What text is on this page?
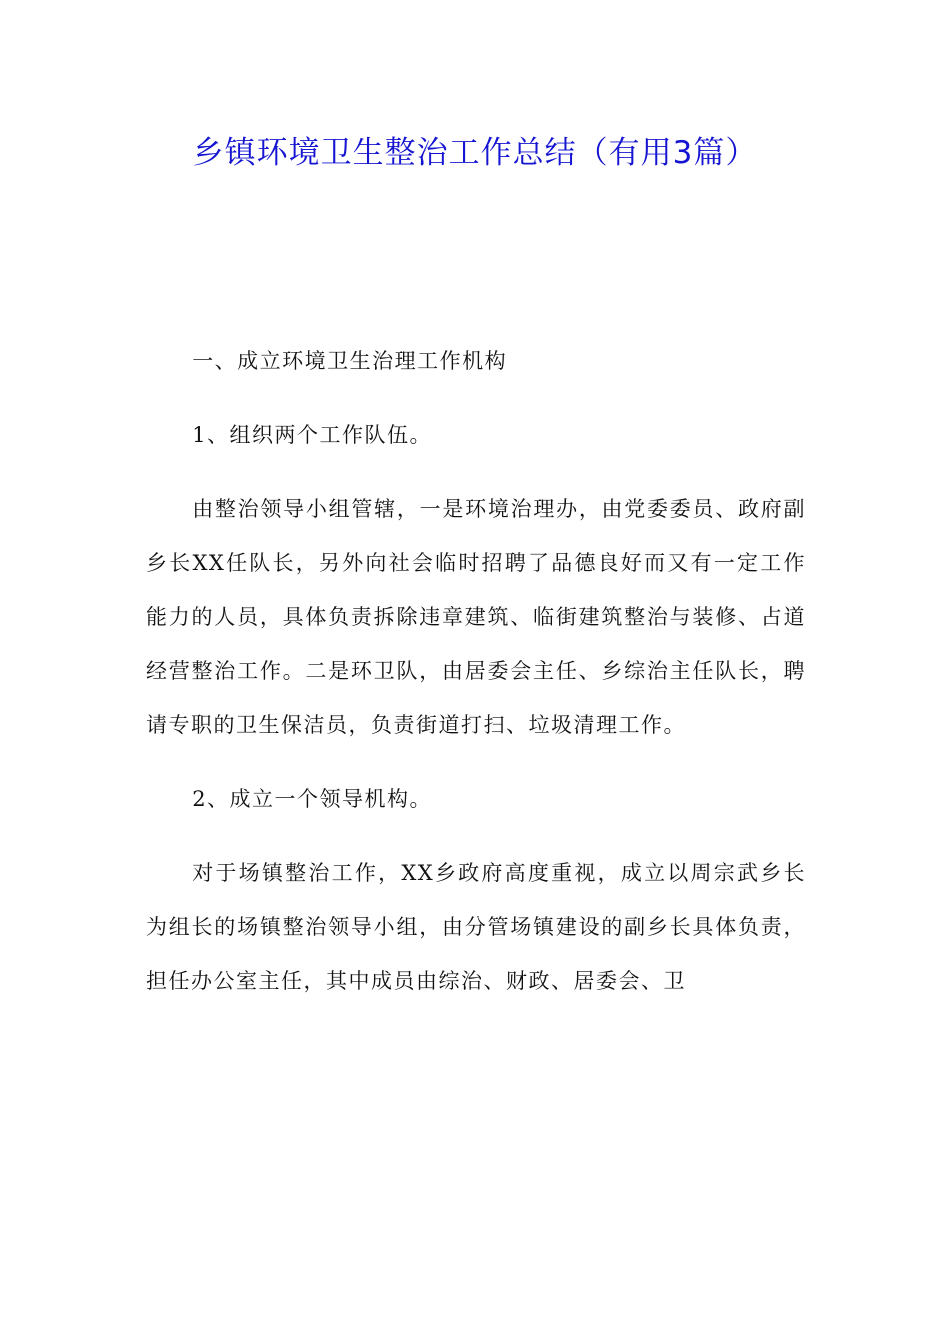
乡镇环境卫生整治工作总结（有用3篇）

一、成立环境卫生治理工作机构

1、组织两个工作队伍。

由整治领导小组管辖，一是环境治理办，由党委委员、政府副乡长XX任队长，另外向社会临时招聘了品德良好而又有一定工作能力的人员，具体负责拆除违章建筑、临街建筑整治与装修、占道经营整治工作。二是环卫队，由居委会主任、乡综治主任队长，聘请专职的卫生保洁员，负责街道打扫、垃圾清理工作。

2、成立一个领导机构。

对于场镇整治工作，XX乡政府高度重视，成立以周宗武乡长为组长的场镇整治领导小组，由分管场镇建设的副乡长具体负责，担任办公室主任，其中成员由综治、财政、居委会、卫
